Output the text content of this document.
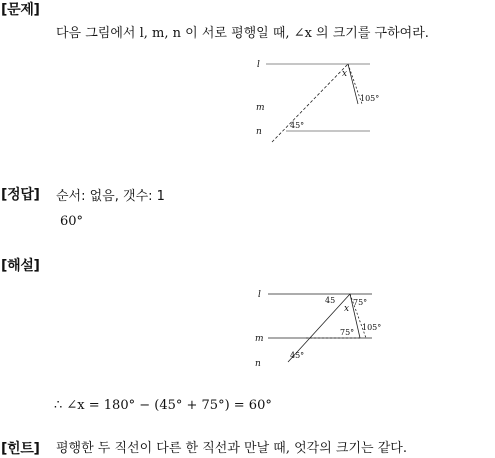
[문제]
다음 그림에서 l, m, n 이 서로 평행일 때, ∠x 의 크기를 구하여라.
l
m
n
x
45°
105°
[정답] 순서: 없음, 갯수: 1
60°
[해설]
l
m
n
45 75°
x
75°
105°
45°
∴ ∠x = 180° − (45° + 75°) = 60°
[힌트] 평행한 두 직선이 다른 한 직선과 만날 때, 엇각의 크기는 같다.
